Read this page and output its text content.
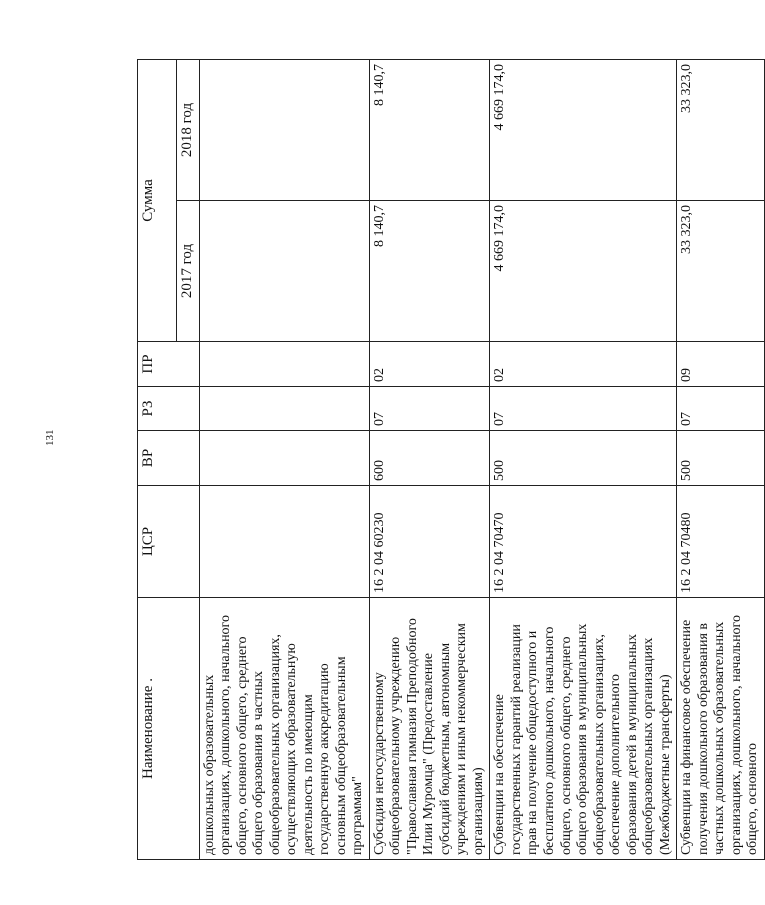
131
Наименование .	ЦСР	ВР	РЗ	ПР	Сумма	
					2017 год	2018 год
дошкольных образовательных организациях, дошкольного, начального общего, основного общего, среднего общего образования в частных общеобразовательных организациях, осуществляющих образовательную деятельность по имеющим государственную аккредитацию основным общеобразовательным программам"						
Субсидия негосударственному общеобразовательному учреждению "Православная гимназия Преподобного Илии Муромца" (Предоставление субсидий бюджетным, автономным учреждениям и иным некоммерческим организациям)	16 2 04 60230	600	07	02	8 140,7	8 140,7
Субвенции на обеспечение государственных гарантий реализации прав на получение общедоступного и бесплатного дошкольного, начального общего, основного общего, среднего общего образования в муниципальных общеобразовательных организациях, обеспечение дополнительного образования детей в муниципальных общеобразовательных организациях (Межбюджетные трансферты)	16 2 04 70470	500	07	02	4 669 174,0	4 669 174,0
Субвенции на финансовое обеспечение получения дошкольного образования в частных дошкольных образовательных организациях, дошкольного, начального общего, основного	16 2 04 70480	500	07	09	33 323,0	33 323,0
